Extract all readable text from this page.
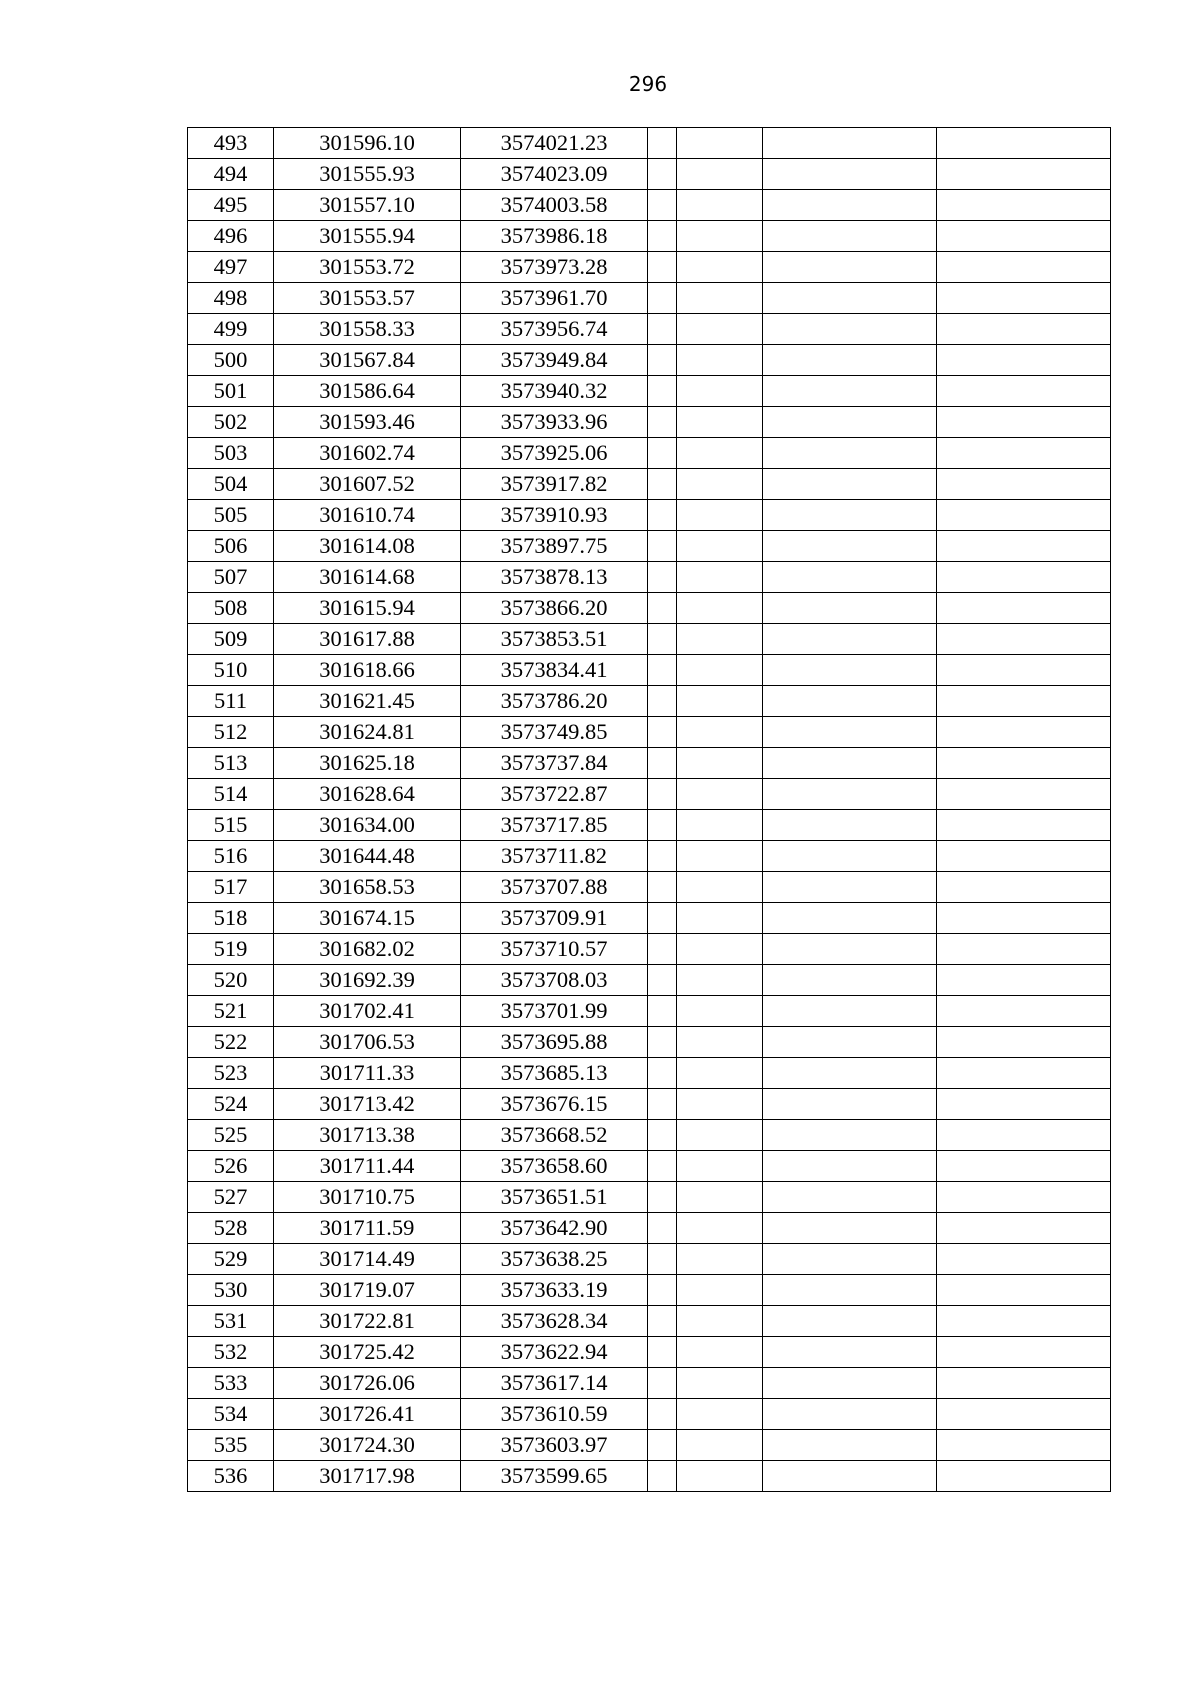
296
493	301596.10	3574021.23				
494	301555.93	3574023.09				
495	301557.10	3574003.58				
496	301555.94	3573986.18				
497	301553.72	3573973.28				
498	301553.57	3573961.70				
499	301558.33	3573956.74				
500	301567.84	3573949.84				
501	301586.64	3573940.32				
502	301593.46	3573933.96				
503	301602.74	3573925.06				
504	301607.52	3573917.82				
505	301610.74	3573910.93				
506	301614.08	3573897.75				
507	301614.68	3573878.13				
508	301615.94	3573866.20				
509	301617.88	3573853.51				
510	301618.66	3573834.41				
511	301621.45	3573786.20				
512	301624.81	3573749.85				
513	301625.18	3573737.84				
514	301628.64	3573722.87				
515	301634.00	3573717.85				
516	301644.48	3573711.82				
517	301658.53	3573707.88				
518	301674.15	3573709.91				
519	301682.02	3573710.57				
520	301692.39	3573708.03				
521	301702.41	3573701.99				
522	301706.53	3573695.88				
523	301711.33	3573685.13				
524	301713.42	3573676.15				
525	301713.38	3573668.52				
526	301711.44	3573658.60				
527	301710.75	3573651.51				
528	301711.59	3573642.90				
529	301714.49	3573638.25				
530	301719.07	3573633.19				
531	301722.81	3573628.34				
532	301725.42	3573622.94				
533	301726.06	3573617.14				
534	301726.41	3573610.59				
535	301724.30	3573603.97				
536	301717.98	3573599.65				
